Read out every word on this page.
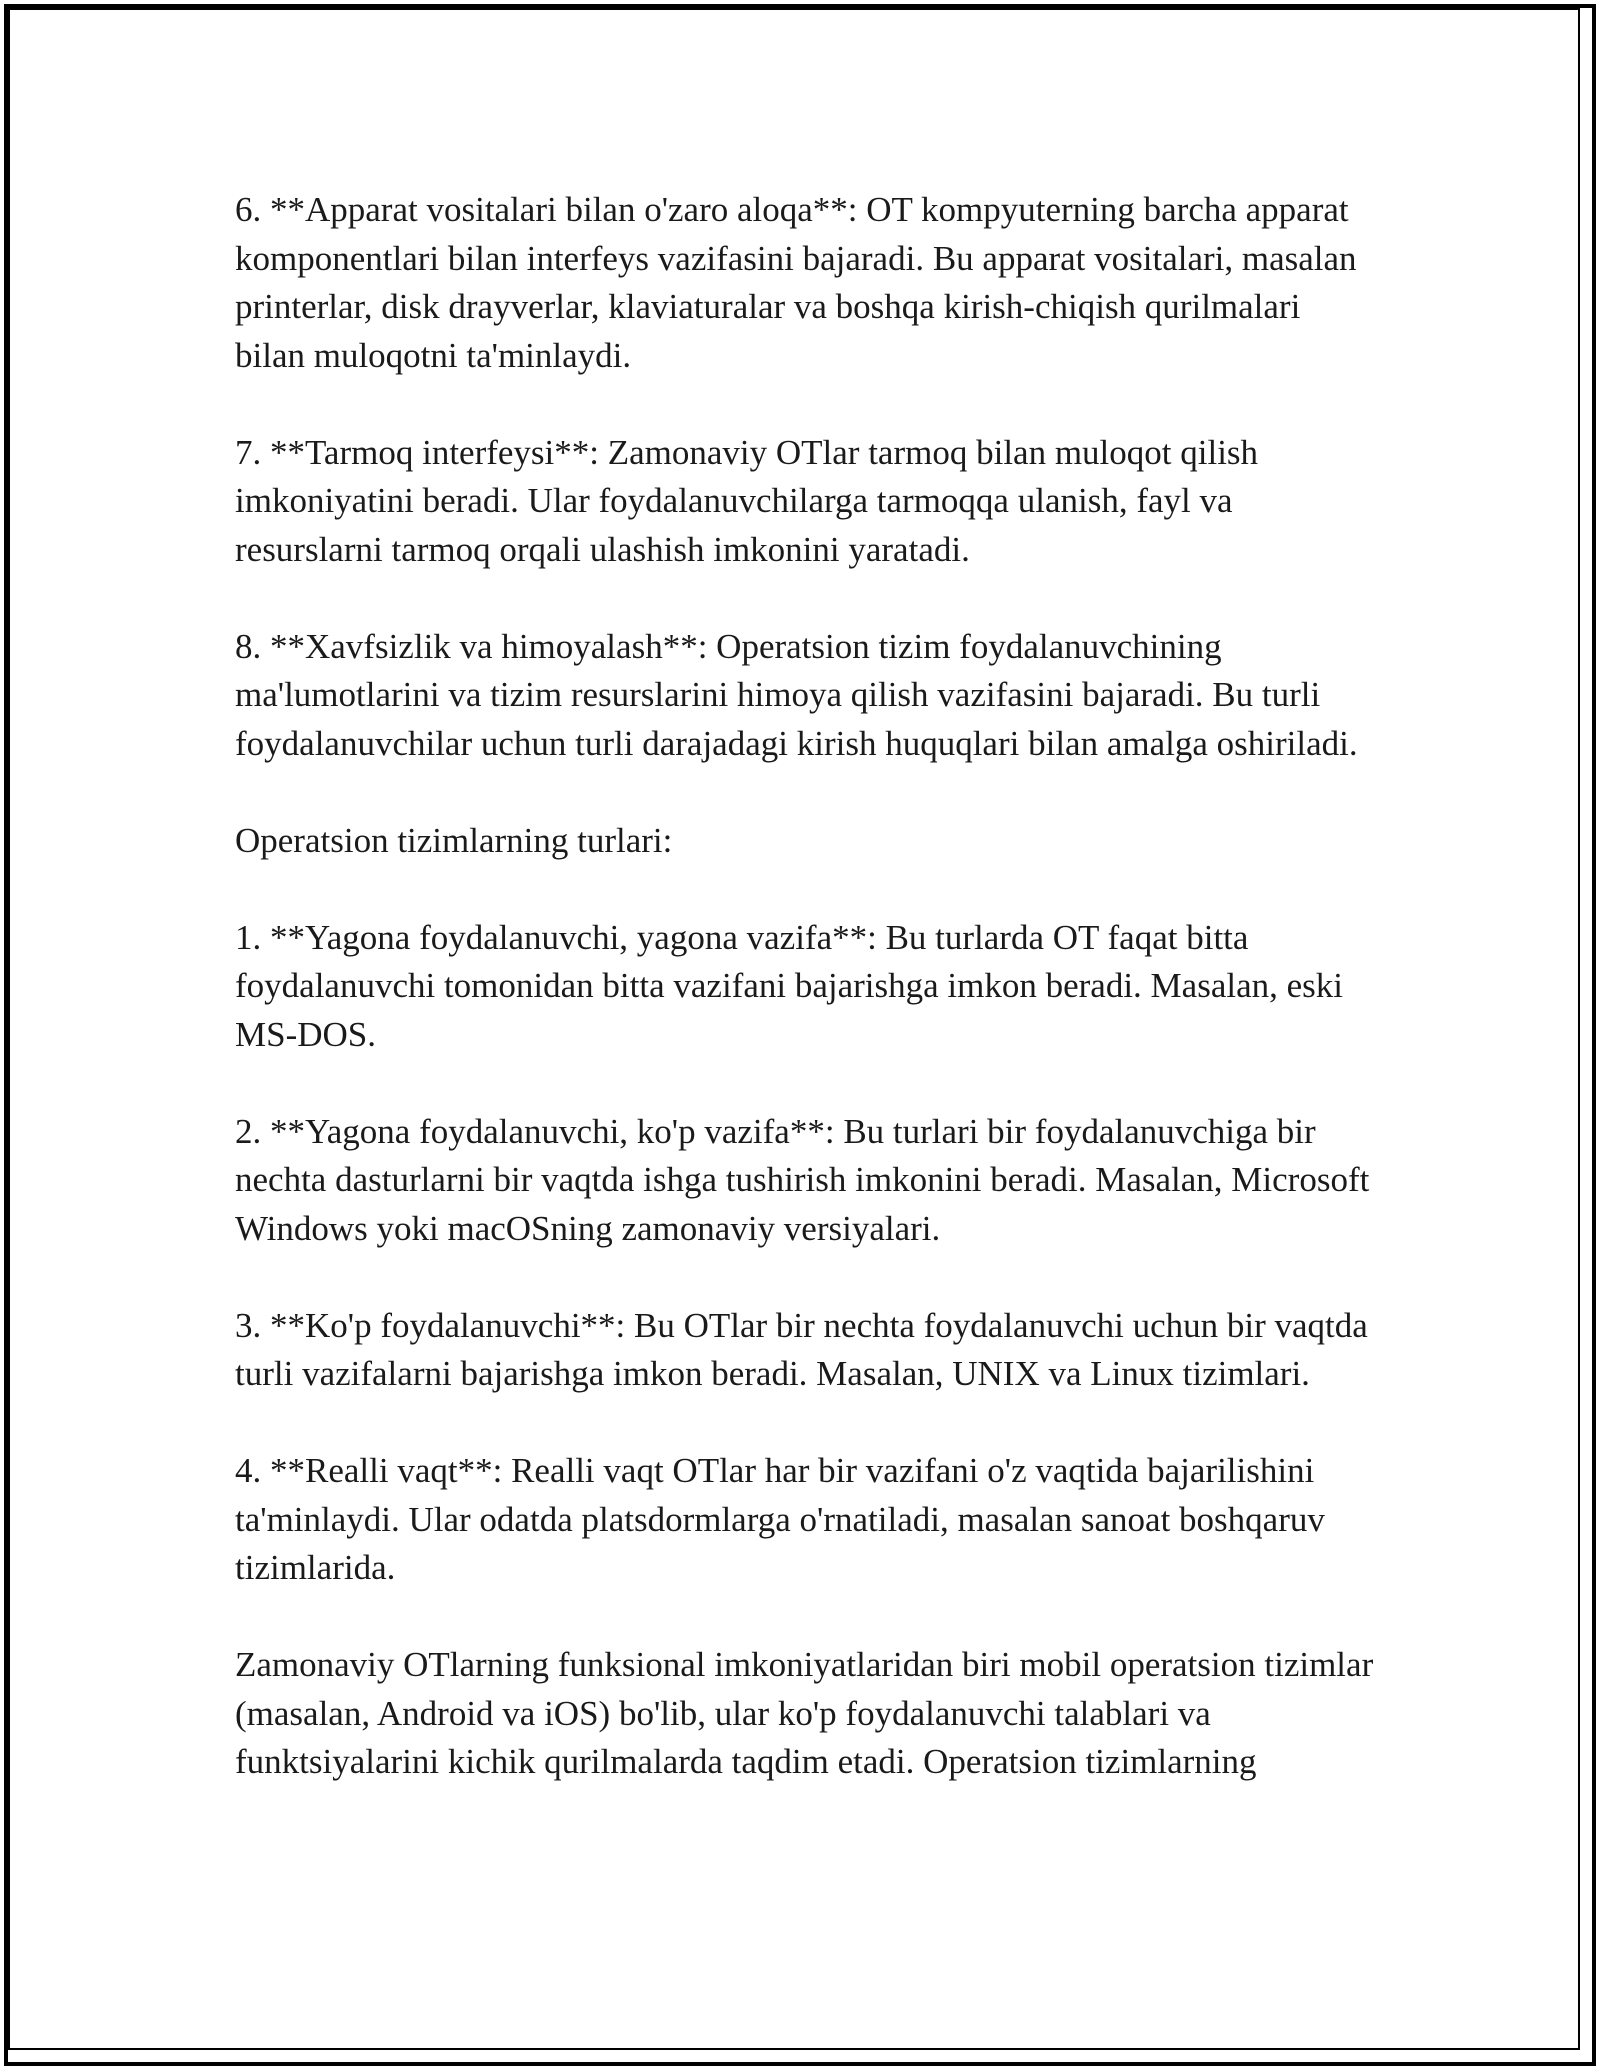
6. **Apparat vositalari bilan o'zaro aloqa**: OT kompyuterning barcha apparat komponentlari bilan interfeys vazifasini bajaradi. Bu apparat vositalari, masalan printerlar, disk drayverlar, klaviaturalar va boshqa kirish-chiqish qurilmalari bilan muloqotni ta'minlaydi.

7. **Tarmoq interfeysi**: Zamonaviy OTlar tarmoq bilan muloqot qilish imkoniyatini beradi. Ular foydalanuvchilarga tarmoqqa ulanish, fayl va resurslarni tarmoq orqali ulashish imkonini yaratadi.

8. **Xavfsizlik va himoyalash**: Operatsion tizim foydalanuvchining ma'lumotlarini va tizim resurslarini himoya qilish vazifasini bajaradi. Bu turli foydalanuvchilar uchun turli darajadagi kirish huquqlari bilan amalga oshiriladi.

Operatsion tizimlarning turlari:

1. **Yagona foydalanuvchi, yagona vazifa**: Bu turlarda OT faqat bitta foydalanuvchi tomonidan bitta vazifani bajarishga imkon beradi. Masalan, eski MS-DOS.

2. **Yagona foydalanuvchi, ko'p vazifa**: Bu turlari bir foydalanuvchiga bir nechta dasturlarni bir vaqtda ishga tushirish imkonini beradi. Masalan, Microsoft Windows yoki macOSning zamonaviy versiyalari.

3. **Ko'p foydalanuvchi**: Bu OTlar bir nechta foydalanuvchi uchun bir vaqtda turli vazifalarni bajarishga imkon beradi. Masalan, UNIX va Linux tizimlari.

4. **Realli vaqt**: Realli vaqt OTlar har bir vazifani o'z vaqtida bajarilishini ta'minlaydi. Ular odatda platsdormlarga o'rnatiladi, masalan sanoat boshqaruv tizimlarida.

Zamonaviy OTlarning funksional imkoniyatlaridan biri mobil operatsion tizimlar (masalan, Android va iOS) bo'lib, ular ko'p foydalanuvchi talablari va funktsiyalarini kichik qurilmalarda taqdim etadi. Operatsion tizimlarning
